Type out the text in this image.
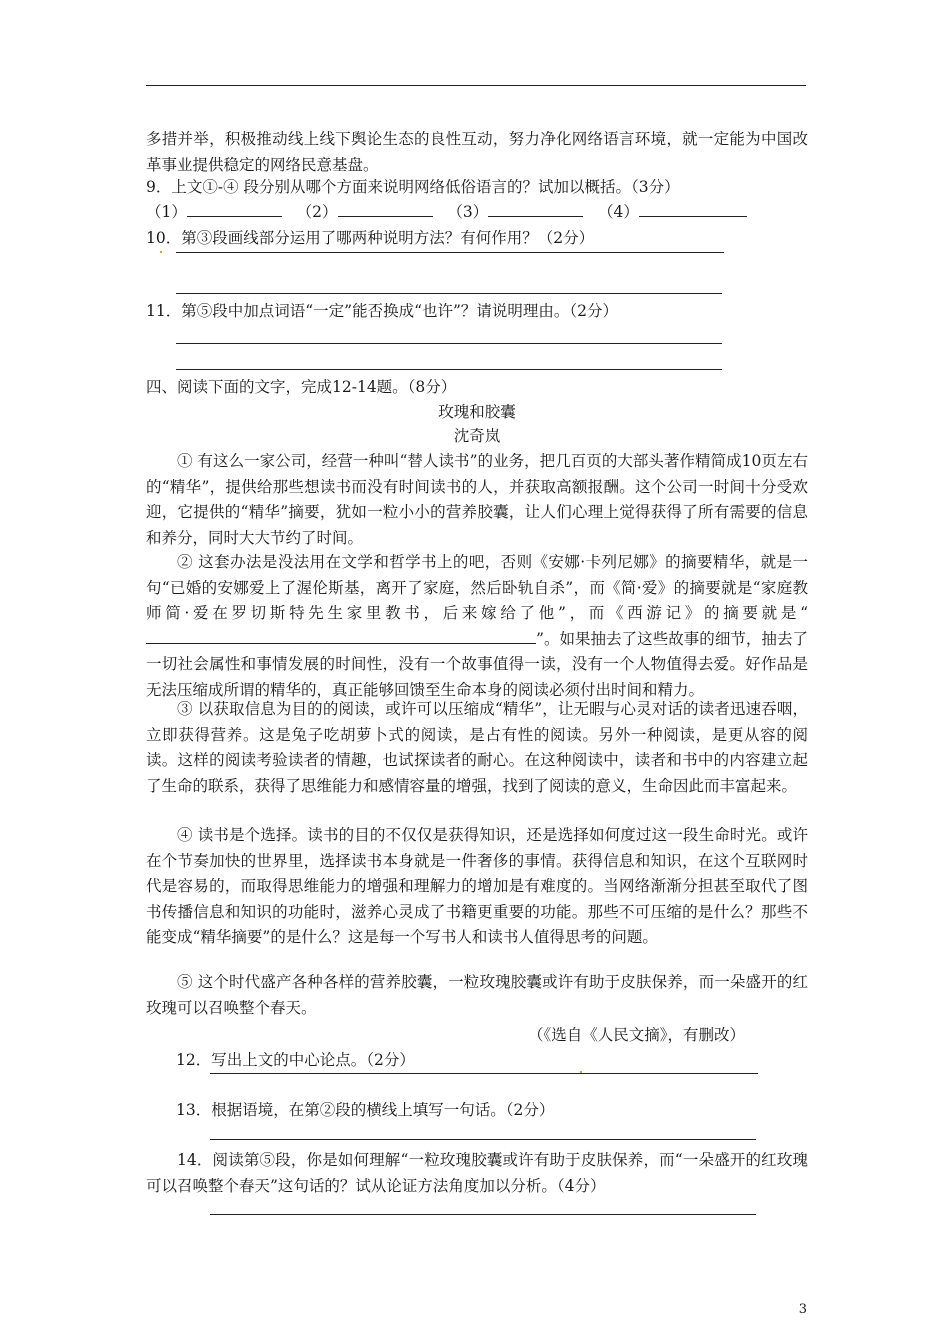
多措并举，积极推动线上线下舆论生态的良性互动，努力净化网络语言环境，就一定能为中国改革事业提供稳定的网络民意基盘。
9．上文①-④ 段分别从哪个方面来说明网络低俗语言的？试加以概括。（3分）
（1）	（2）	（3）	（4）
10．第③段画线部分运用了哪两种说明方法？有何作用？（2分）
11．第⑤段中加点词语“一定”能否换成“也许”？请说明理由。（2分）
四、阅读下面的文字，完成12-14题。（8分）
玫瑰和胶囊
沈奇岚
① 有这么一家公司，经营一种叫“替人读书”的业务，把几百页的大部头著作精简成10页左右的“精华”，提供给那些想读书而没有时间读书的人，并获取高额报酬。这个公司一时间十分受欢迎，它提供的“精华”摘要，犹如一粒小小的营养胶囊，让人们心理上觉得获得了所有需要的信息和养分，同时大大节约了时间。
② 这套办法是没法用在文学和哲学书上的吧，否则《安娜·卡列尼娜》的摘要精华，就是一句“已婚的安娜爱上了渥伦斯基，离开了家庭，然后卧轨自杀”，而《简·爱》的摘要就是“家庭教师简·爱在罗切斯特先生家里教书，后来嫁给了他”，而《西游记》的摘要就是“”。如果抽去了这些故事的细节，抽去了一切社会属性和事情发展的时间性，没有一个故事值得一读，没有一个人物值得去爱。好作品是无法压缩成所谓的精华的，真正能够回馈至生命本身的阅读必须付出时间和精力。
③ 以获取信息为目的的阅读，或许可以压缩成“精华”，让无暇与心灵对话的读者迅速吞咽，立即获得营养。这是兔子吃胡萝卜式的阅读，是占有性的阅读。另外一种阅读，是更从容的阅读。这样的阅读考验读者的情趣，也试探读者的耐心。在这种阅读中，读者和书中的内容建立起了生命的联系，获得了思维能力和感情容量的增强，找到了阅读的意义，生命因此而丰富起来。
④ 读书是个选择。读书的目的不仅仅是获得知识，还是选择如何度过这一段生命时光。或许在个节奏加快的世界里，选择读书本身就是一件奢侈的事情。获得信息和知识，在这个互联网时代是容易的，而取得思维能力的增强和理解力的增加是有难度的。当网络渐渐分担甚至取代了图书传播信息和知识的功能时，滋养心灵成了书籍更重要的功能。那些不可压缩的是什么？那些不能变成“精华摘要”的是什么？这是每一个写书人和读书人值得思考的问题。
⑤ 这个时代盛产各种各样的营养胶囊，一粒玫瑰胶囊或许有助于皮肤保养，而一朵盛开的红玫瑰可以召唤整个春天。
（《选自《人民文摘》，有删改）
12．写出上文的中心论点。（2分）
13．根据语境，在第②段的横线上填写一句话。（2分）
14．阅读第⑤段，你是如何理解“一粒玫瑰胶囊或许有助于皮肤保养，而“一朵盛开的红玫瑰可以召唤整个春天”这句话的？试从论证方法角度加以分析。（4分）
3
